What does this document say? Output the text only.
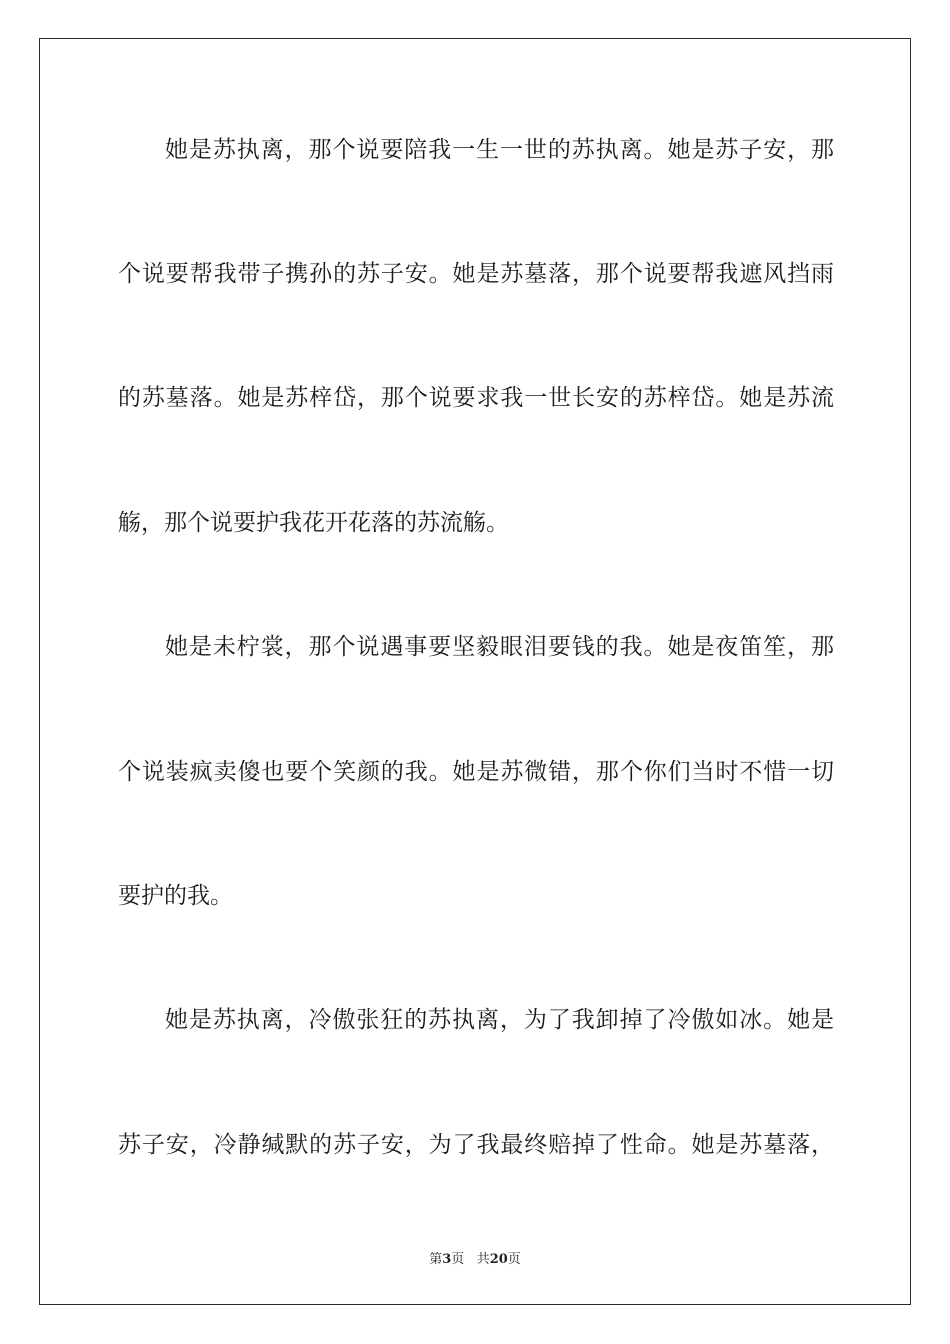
她是苏执离，那个说要陪我一生一世的苏执离。她是苏子安，那
个说要帮我带子携孙的苏子安。她是苏墓落，那个说要帮我遮风挡雨
的苏墓落。她是苏梓岱，那个说要求我一世长安的苏梓岱。她是苏流
觞，那个说要护我花开花落的苏流觞。
她是未柠裳，那个说遇事要坚毅眼泪要钱的我。她是夜笛笙，那
个说装疯卖傻也要个笑颜的我。她是苏微错，那个你们当时不惜一切
要护的我。
她是苏执离，冷傲张狂的苏执离，为了我卸掉了冷傲如冰。她是
苏子安，冷静缄默的苏子安，为了我最终赔掉了性命。她是苏墓落，
第3页 共20页
